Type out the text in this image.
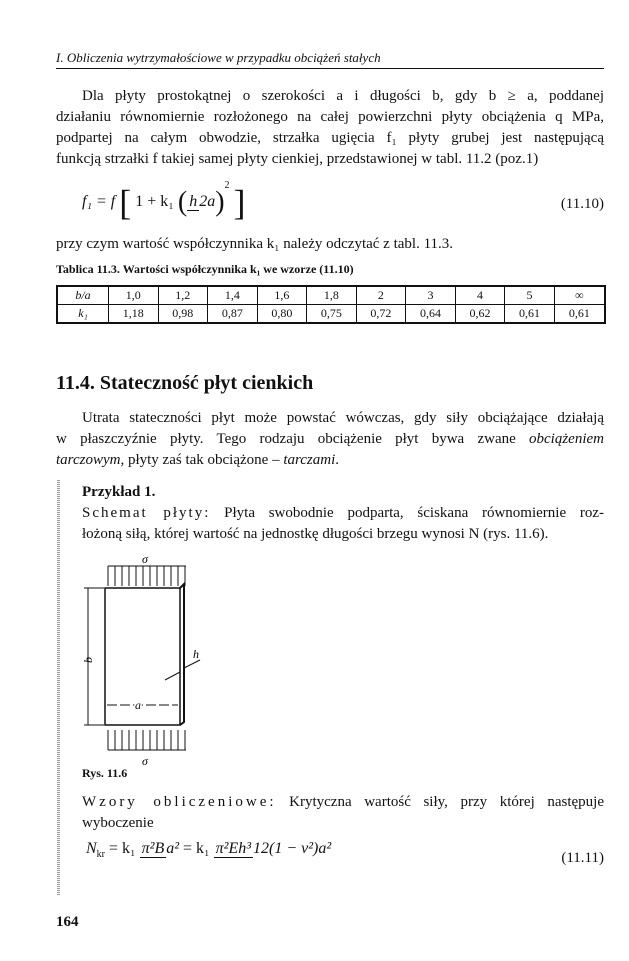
I. Obliczenia wytrzymałościowe w przypadku obciążeń stałych
Dla płyty prostokątnej o szerokości a i długości b, gdy b ≥ a, poddanej
działaniu równomiernie rozłożonego na całej powierzchni płyty obciążenia q MPa,
podpartej na całym obwodzie, strzałka ugięcia f₁ płyty grubej jest następującą
funkcją strzałki f takiej samej płyty cienkiej, przedstawionej w tabl. 11.2 (poz.1)
f₁ = f [ 1 + k₁ ( h 2a)$^2$ ]	(11.10)
przy czym wartość współczynnika k₁ należy odczytać z tabl. 11.3.
Tablica 11.3. Wartości współczynnika k₁ we wzorze (11.10)
b/a	1,0	1,2	1,4	1,6	1,8	2	3	4	5	∞
k₁	1,18	0,98	0,87	0,80	0,75	0,72	0,64	0,62	0,61	0,61
11.4. Stateczność płyt cienkich
Utrata stateczności płyt może powstać wówczas, gdy siły obciążające działają
w płaszczyźnie płyty. Tego rodzaju obciążenie płyt bywa zwane obciążeniem
tarczowym, płyty zaś tak obciążone – tarczami.
Przykład 1.
Schemat płyty: Płyta swobodnie podparta, ściskana równomiernie roz-
łożoną siłą, której wartość na jednostkę długości brzegu wynosi N (rys. 11.6).
σ
b
a
h
σ
Rys. 11.6
Wzory obliczeniowe: Krytyczna wartość siły, przy której następuje
wyboczenie
$N_{kr} = k_1$ π²B a² = k₁ π²Eh³ 12(1 − ν²)a²
(11.11)
164
